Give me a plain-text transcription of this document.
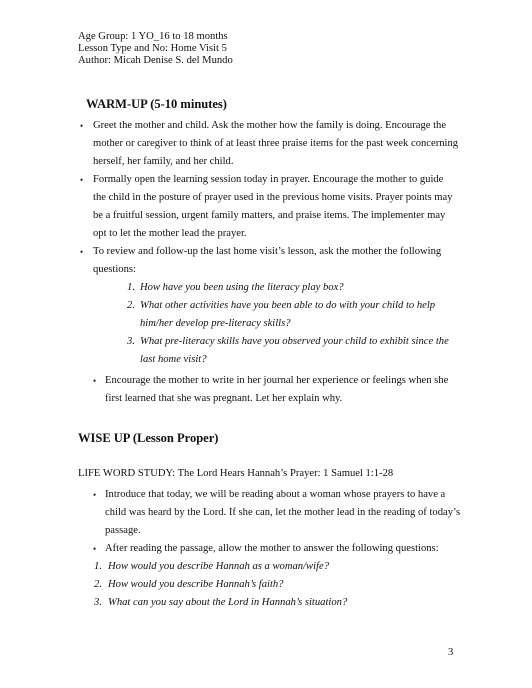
Age Group: 1 YO_16 to 18 months
Lesson Type and No: Home Visit 5
Author: Micah Denise S. del Mundo
WARM-UP (5-10 minutes)
• Greet the mother and child. Ask the mother how the family is doing. Encourage the
mother or caregiver to think of at least three praise items for the past week concerning
herself, her family, and her child.
• Formally open the learning session today in prayer. Encourage the mother to guide
the child in the posture of prayer used in the previous home visits. Prayer points may
be a fruitful session, urgent family matters, and praise items. The implementer may
opt to let the mother lead the prayer.
• To review and follow-up the last home visit’s lesson, ask the mother the following
questions:
1. How have you been using the literacy play box?
2. What other activities have you been able to do with your child to help
him/her develop pre-literacy skills?
3. What pre-literacy skills have you observed your child to exhibit since the
last home visit?
• Encourage the mother to write in her journal her experience or feelings when she
first learned that she was pregnant. Let her explain why.
WISE UP (Lesson Proper)
LIFE WORD STUDY: The Lord Hears Hannah’s Prayer: 1 Samuel 1:1-28
• Introduce that today, we will be reading about a woman whose prayers to have a
child was heard by the Lord. If she can, let the mother lead in the reading of today’s
passage.
• After reading the passage, allow the mother to answer the following questions:
1. How would you describe Hannah as a woman/wife?
2. How would you describe Hannah’s faith?
3. What can you say about the Lord in Hannah’s situation?
3
